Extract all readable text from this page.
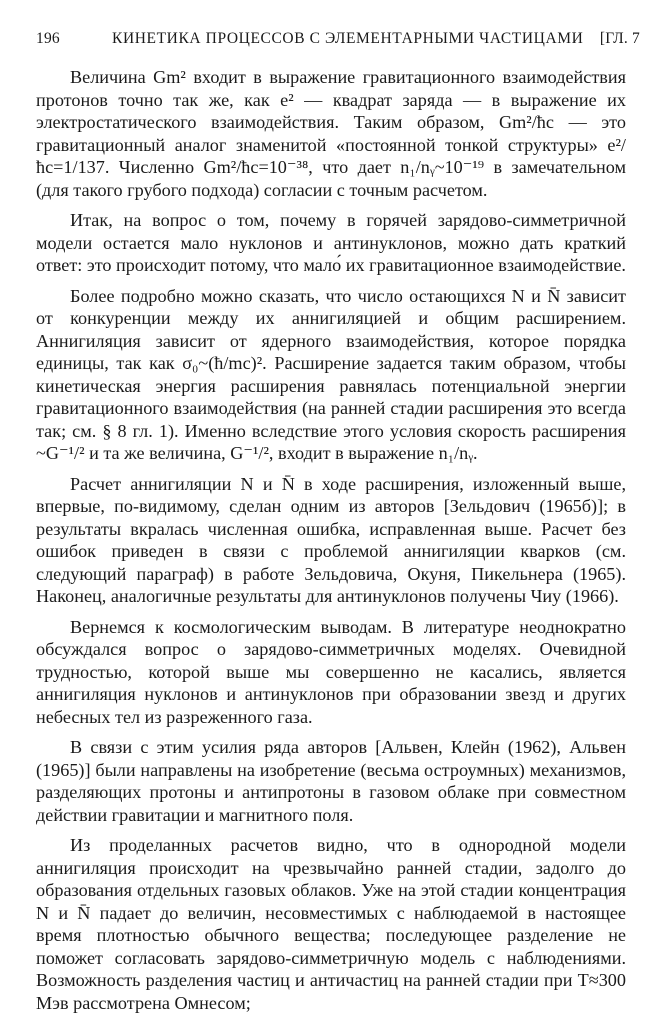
196	КИНЕТИКА ПРОЦЕССОВ С ЭЛЕМЕНТАРНЫМИ ЧАСТИЦАМИ [ГЛ. 7

Величина Gm² входит в выражение гравитационного взаимодействия протонов точно так же, как e² — квадрат заряда — в выражение их электростатического взаимодействия. Таким образом, Gm²/ħc — это гравитационный аналог знаменитой «постоянной тонкой структуры» e²/ħc=1/137. Численно Gm²/ħc=10⁻³⁸, что дает n₁/nᵧ~10⁻¹⁹ в замечательном (для такого грубого подхода) согласии с точным расчетом.

Итак, на вопрос о том, почему в горячей зарядово-симметричной модели остается мало нуклонов и антинуклонов, можно дать краткий ответ: это происходит потому, что мало́ их гравитационное взаимодействие.

Более подробно можно сказать, что число остающихся N и N̄ зависит от конкуренции между их аннигиляцией и общим расширением. Аннигиляция зависит от ядерного взаимодействия, которое порядка единицы, так как σ₀~(ħ/mc)². Расширение задается таким образом, чтобы кинетическая энергия расширения равнялась потенциальной энергии гравитационного взаимодействия (на ранней стадии расширения это всегда так; см. § 8 гл. 1). Именно вследствие этого условия скорость расширения ~G⁻¹/² и та же величина, G⁻¹/², входит в выражение n₁/nᵧ.

Расчет аннигиляции N и N̄ в ходе расширения, изложенный выше, впервые, по-видимому, сделан одним из авторов [Зельдович (1965б)]; в результаты вкралась численная ошибка, исправленная выше. Расчет без ошибок приведен в связи с проблемой аннигиляции кварков (см. следующий параграф) в работе Зельдовича, Окуня, Пикельнера (1965). Наконец, аналогичные результаты для антинуклонов получены Чиу (1966).

Вернемся к космологическим выводам. В литературе неоднократно обсуждался вопрос о зарядово-симметричных моделях. Очевидной трудностью, которой выше мы совершенно не касались, является аннигиляция нуклонов и антинуклонов при образовании звезд и других небесных тел из разреженного газа.

В связи с этим усилия ряда авторов [Альвен, Клейн (1962), Альвен (1965)] были направлены на изобретение (весьма остроумных) механизмов, разделяющих протоны и антипротоны в газовом облаке при совместном действии гравитации и магнитного поля.

Из проделанных расчетов видно, что в однородной модели аннигиляция происходит на чрезвычайно ранней стадии, задолго до образования отдельных газовых облаков. Уже на этой стадии концентрация N и N̄ падает до величин, несовместимых с наблюдаемой в настоящее время плотностью обычного вещества; последующее разделение не поможет согласовать зарядово-симметричную модель с наблюдениями. Возможность разделения частиц и античастиц на ранней стадии при T≈300 Мэв рассмотрена Омнесом;
